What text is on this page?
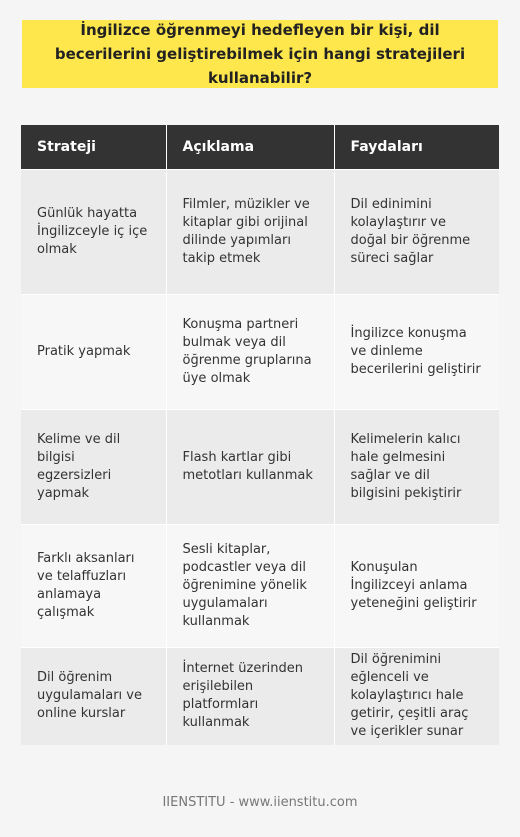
İngilizce öğrenmeyi hedefleyen bir kişi, dil becerilerini geliştirebilmek için hangi stratejileri kullanabilir?
Strateji	Açıklama	Faydaları
Günlük hayatta İngilizceyle iç içe olmak	Filmler, müzikler ve kitaplar gibi orijinal dilinde yapımları takip etmek	Dil edinimini kolaylaştırır ve doğal bir öğrenme süreci sağlar
Pratik yapmak	Konuşma partneri bulmak veya dil öğrenme gruplarına üye olmak	İngilizce konuşma ve dinleme becerilerini geliştirir
Kelime ve dil bilgisi egzersizleri yapmak	Flash kartlar gibi metotları kullanmak	Kelimelerin kalıcı hale gelmesini sağlar ve dil bilgisini pekiştirir
Farklı aksanları ve telaffuzları anlamaya çalışmak	Sesli kitaplar, podcastler veya dil öğrenimine yönelik uygulamaları kullanmak	Konuşulan İngilizceyi anlama yeteneğini geliştirir
Dil öğrenim uygulamaları ve online kurslar	İnternet üzerinden erişilebilen platformları kullanmak	Dil öğrenimini eğlenceli ve kolaylaştırıcı hale getirir, çeşitli araç ve içerikler sunar
IIENSTITU - www.iienstitu.com
